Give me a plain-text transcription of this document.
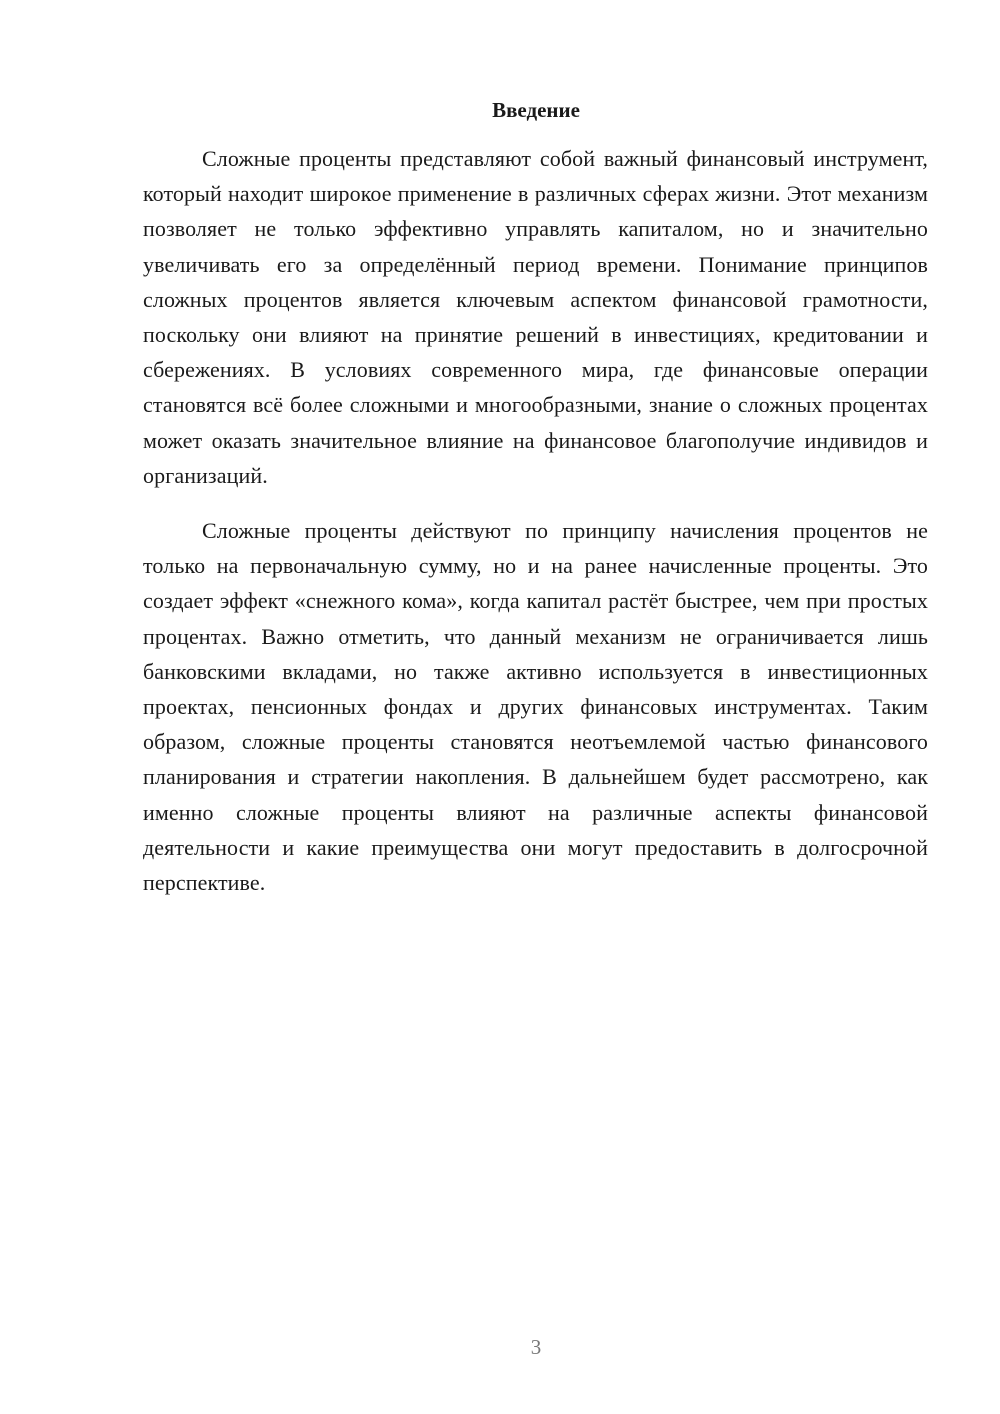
Введение

Сложные проценты представляют собой важный финансовый инструмент, который находит широкое применение в различных сферах жизни. Этот механизм позволяет не только эффективно управлять капиталом, но и значительно увеличивать его за определённый период времени. Понимание принципов сложных процентов является ключевым аспектом финансовой грамотности, поскольку они влияют на принятие решений в инвестициях, кредитовании и сбережениях. В условиях современного мира, где финансовые операции становятся всё более сложными и многообразными, знание о сложных процентах может оказать значительное влияние на финансовое благополучие индивидов и организаций.

Сложные проценты действуют по принципу начисления процентов не только на первоначальную сумму, но и на ранее начисленные проценты. Это создает эффект «снежного кома», когда капитал растёт быстрее, чем при простых процентах. Важно отметить, что данный механизм не ограничивается лишь банковскими вкладами, но также активно используется в инвестиционных проектах, пенсионных фондах и других финансовых инструментах. Таким образом, сложные проценты становятся неотъемлемой частью финансового планирования и стратегии накопления. В дальнейшем будет рассмотрено, как именно сложные проценты влияют на различные аспекты финансовой деятельности и какие преимущества они могут предоставить в долгосрочной перспективе.

3
